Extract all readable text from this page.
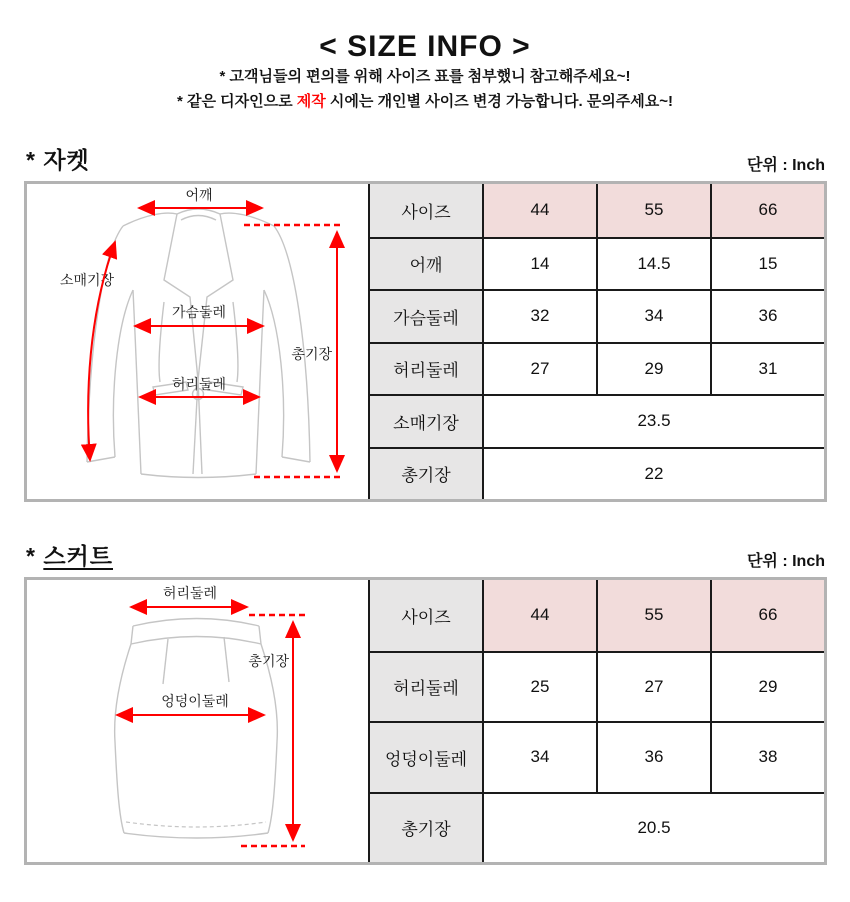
< SIZE INFO >
* 고객님들의 편의를 위해 사이즈 표를 첨부했니 참고해주세요~!
* 같은 디자인으로 제작 시에는 개인별 사이즈 변경 가능합니다. 문의주세요~!
* 자켓	단위 : Inch
어깨
소매기장
가슴둘레
허리둘레
총기장
사이즈	44	55	66
어깨	14	14.5	15
가슴둘레	32	34	36
허리둘레	27	29	31
소매기장	23.5
총기장	22
* 스커트	단위 : Inch
허리둘레
엉덩이둘레
총기장
사이즈	44	55	66
허리둘레	25	27	29
엉덩이둘레	34	36	38
총기장	20.5
